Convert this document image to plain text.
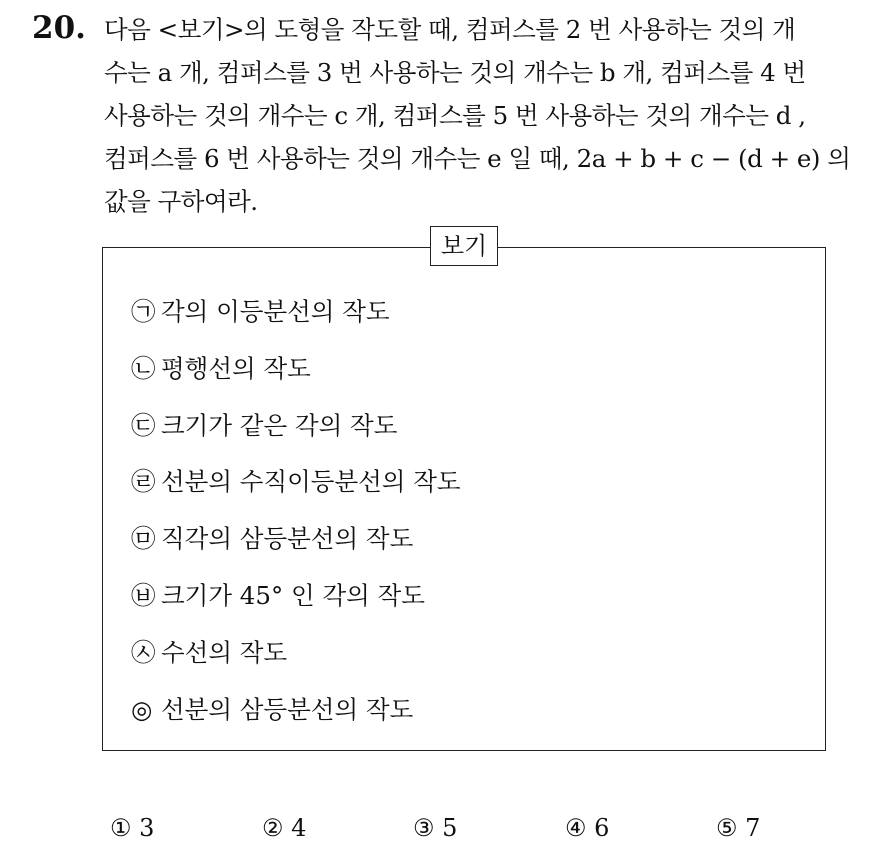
20. 다음 <보기>의 도형을 작도할 때, 컴퍼스를 2 번 사용하는 것의 개
수는 a 개, 컴퍼스를 3 번 사용하는 것의 개수는 b 개, 컴퍼스를 4 번
사용하는 것의 개수는 c 개, 컴퍼스를 5 번 사용하는 것의 개수는 d ,
컴퍼스를 6 번 사용하는 것의 개수는 e 일 때, 2a + b + c − (d + e) 의
값을 구하여라.
보기
㉠ 각의 이등분선의 작도
㉡ 평행선의 작도
㉢ 크기가 같은 각의 작도
㉣ 선분의 수직이등분선의 작도
㉤ 직각의 삼등분선의 작도
㉥ 크기가 45° 인 각의 작도
㉦ 수선의 작도
◎ 선분의 삼등분선의 작도
① 3	② 4	③ 5	④ 6	⑤ 7
